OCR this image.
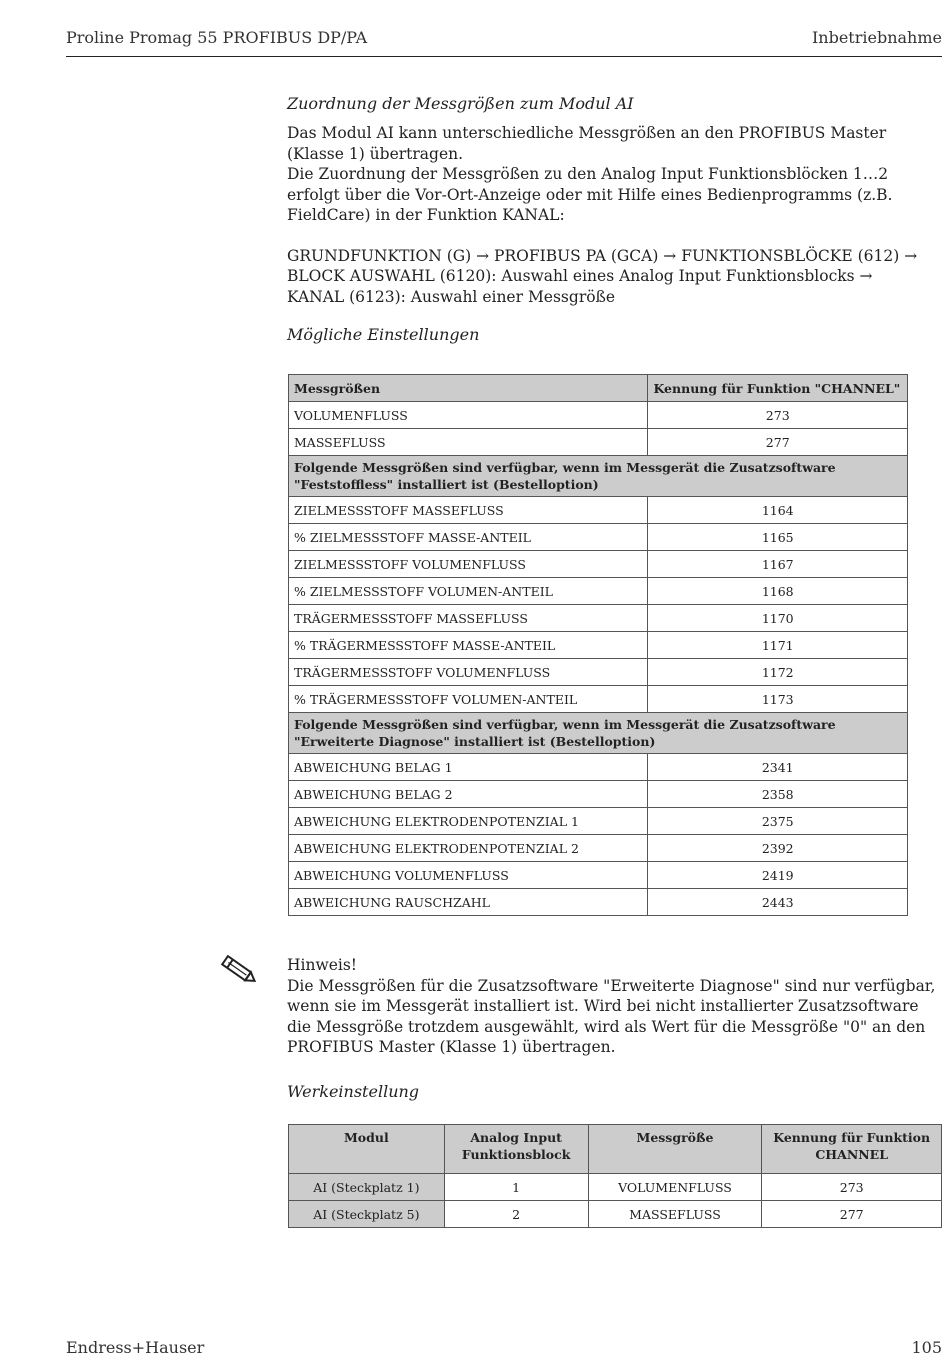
Proline Promag 55 PROFIBUS DP/PA	Inbetriebnahme

Zuordnung der Messgrößen zum Modul AI

Das Modul AI kann unterschiedliche Messgrößen an den PROFIBUS Master (Klasse 1) übertragen.

Die Zuordnung der Messgrößen zu den Analog Input Funktionsblöcken 1…2 erfolgt über die Vor-Ort-Anzeige oder mit Hilfe eines Bedienprogramms (z.B. FieldCare) in der Funktion KANAL:

GRUNDFUNKTION (G) → PROFIBUS PA (GCA) → FUNKTIONSBLÖCKE (612) →

BLOCK AUSWAHL (6120): Auswahl eines Analog Input Funktionsblocks →

KANAL (6123): Auswahl einer Messgröße

Mögliche Einstellungen

Messgrößen	Kennung für Funktion "CHANNEL"
VOLUMENFLUSS	273
MASSEFLUSS	277
Folgende Messgrößen sind verfügbar, wenn im Messgerät die Zusatzsoftware "Feststoffless" installiert ist (Bestelloption)	
ZIELMESSSTOFF MASSEFLUSS	1164
% ZIELMESSSTOFF MASSE-ANTEIL	1165
ZIELMESSSTOFF VOLUMENFLUSS	1167
% ZIELMESSSTOFF VOLUMEN-ANTEIL	1168
TRÄGERMESSSTOFF MASSEFLUSS	1170
% TRÄGERMESSSTOFF MASSE-ANTEIL	1171
TRÄGERMESSSTOFF VOLUMENFLUSS	1172
% TRÄGERMESSSTOFF VOLUMEN-ANTEIL	1173
Folgende Messgrößen sind verfügbar, wenn im Messgerät die Zusatzsoftware "Erweiterte Diagnose" installiert ist (Bestelloption)	
ABWEICHUNG BELAG 1	2341
ABWEICHUNG BELAG 2	2358
ABWEICHUNG ELEKTRODENPOTENZIAL 1	2375
ABWEICHUNG ELEKTRODENPOTENZIAL 2	2392
ABWEICHUNG VOLUMENFLUSS	2419
ABWEICHUNG RAUSCHZAHL	2443

Hinweis!

Die Messgrößen für die Zusatzsoftware "Erweiterte Diagnose" sind nur verfügbar, wenn sie im Messgerät installiert ist. Wird bei nicht installierter Zusatzsoftware die Messgröße trotzdem ausgewählt, wird als Wert für die Messgröße "0" an den PROFIBUS Master (Klasse 1) übertragen.

Werkeinstellung

Modul	Analog Input Funktionsblock	Messgröße	Kennung für Funktion CHANNEL
AI (Steckplatz 1)	1	VOLUMENFLUSS	273
AI (Steckplatz 5)	2	MASSEFLUSS	277
Endress+Hauser	105
